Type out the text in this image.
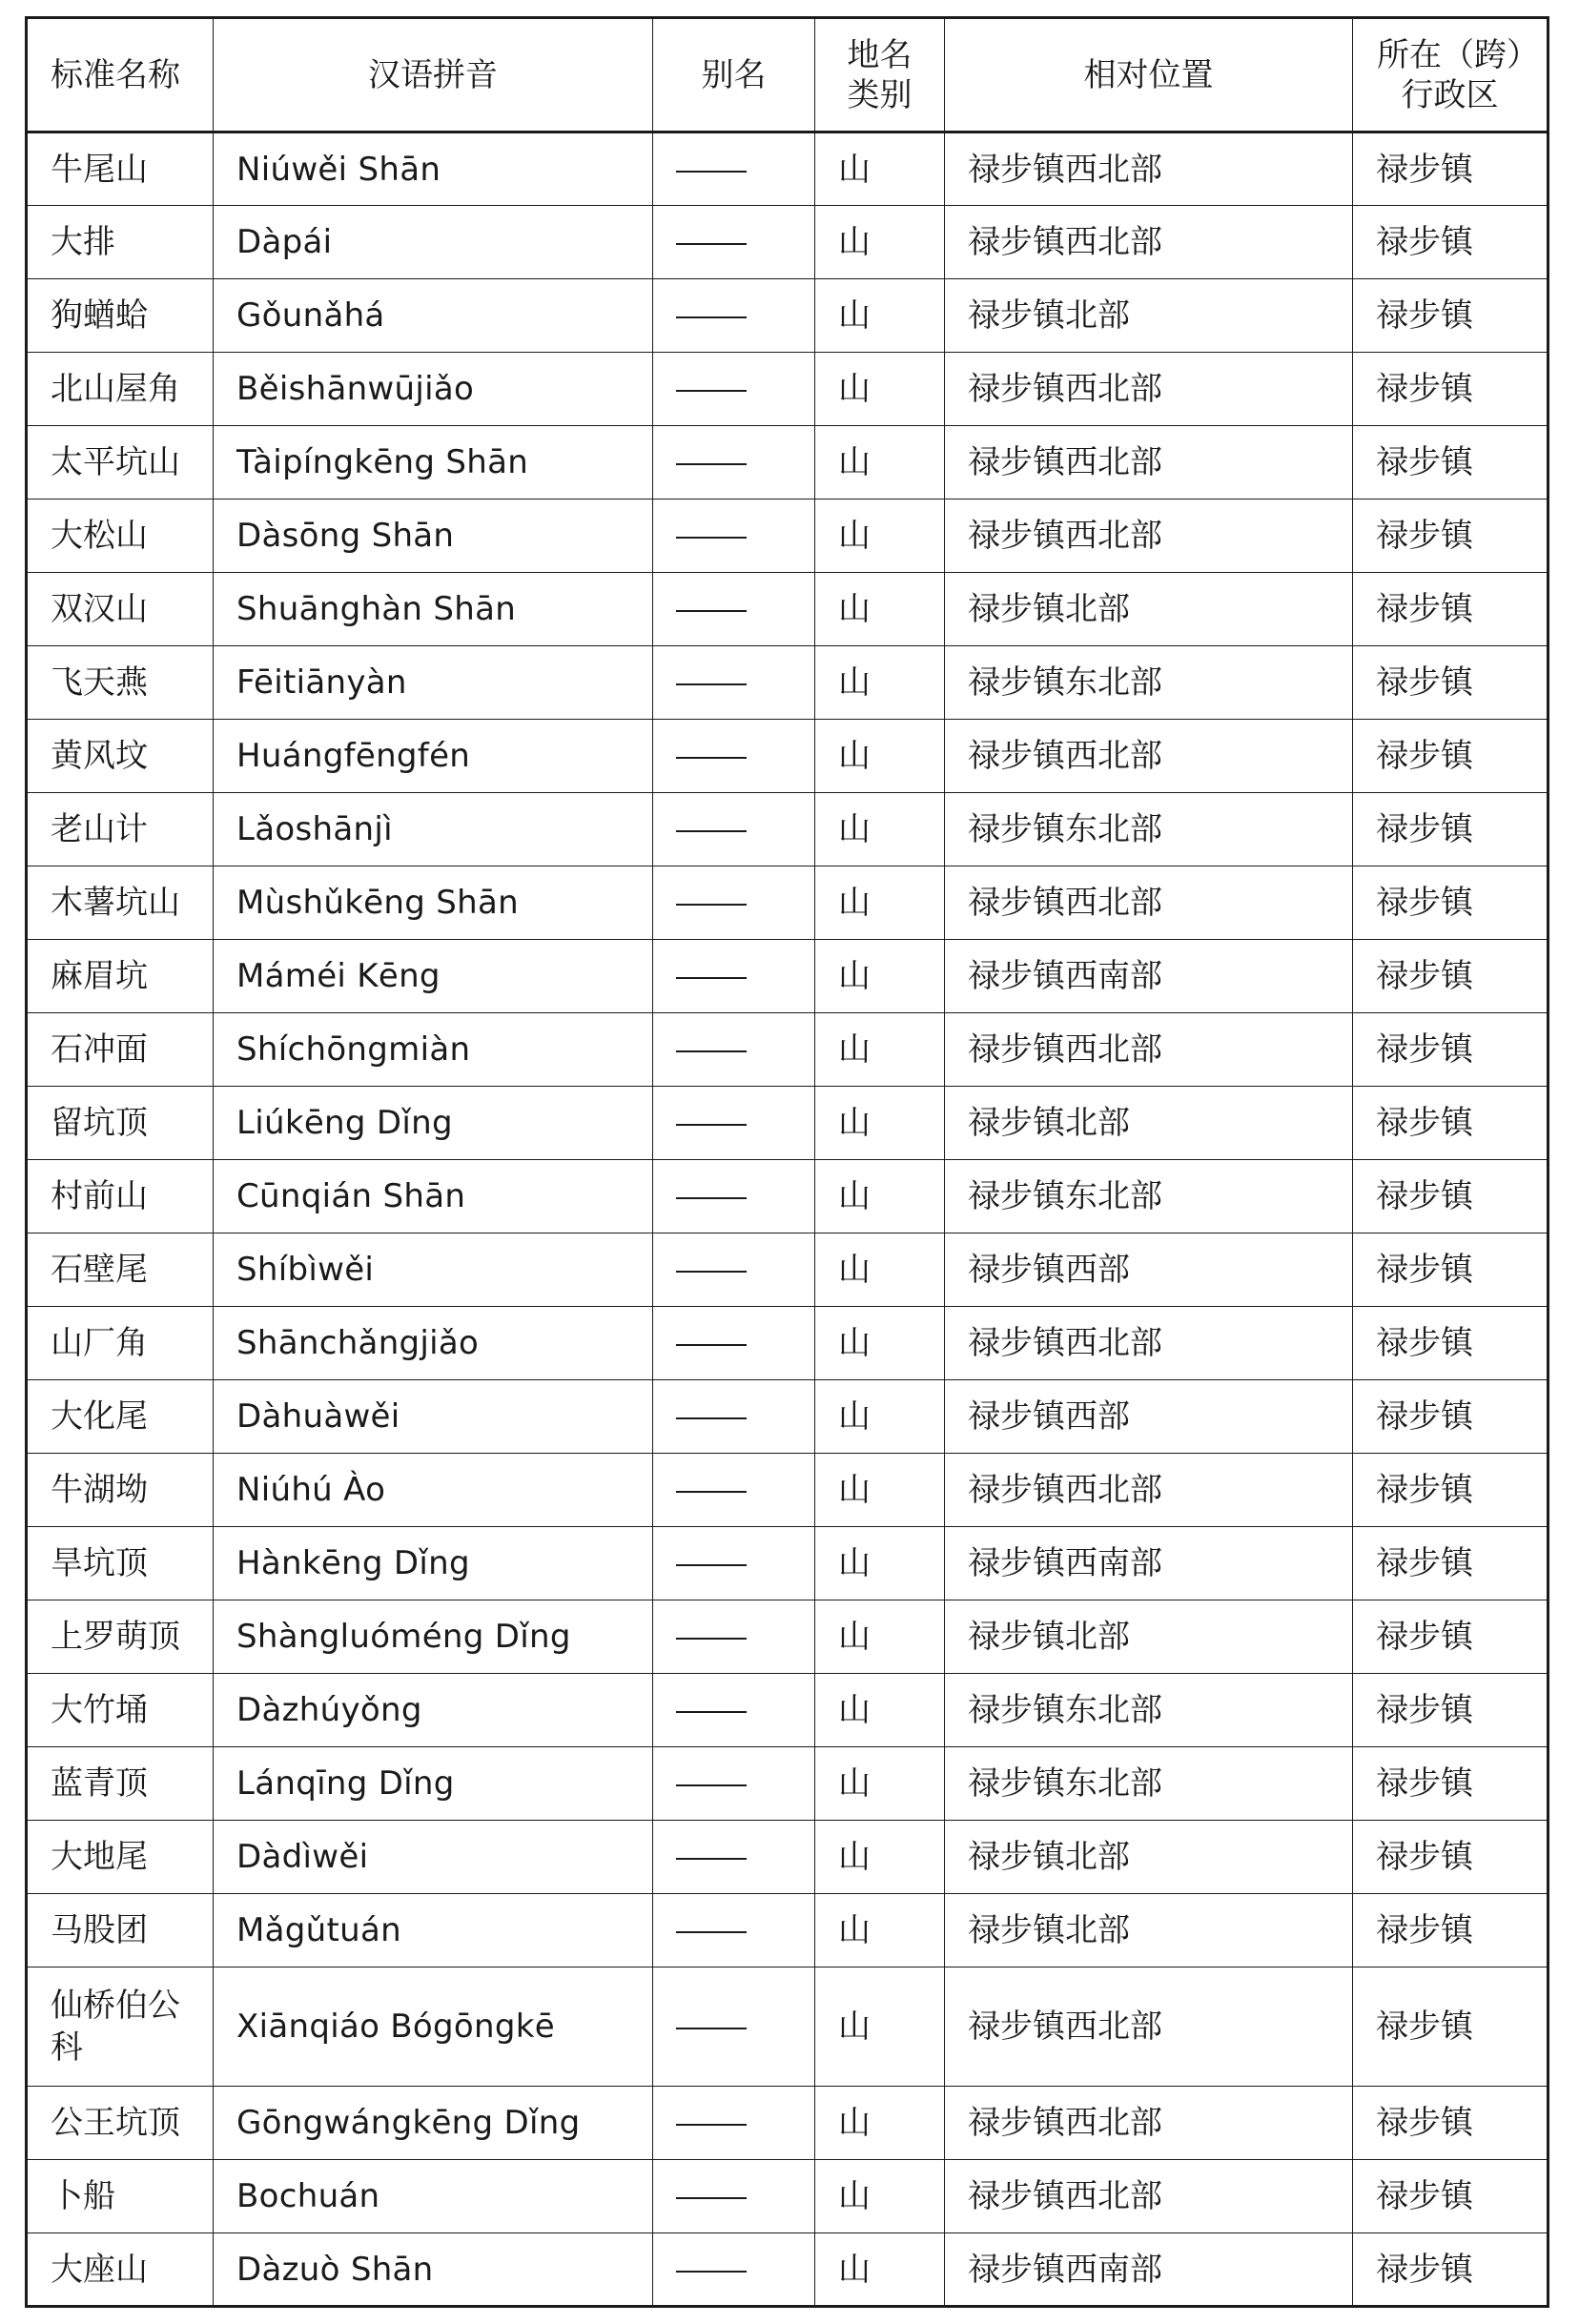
标准名称	汉语拼音	别名	地名类别	相对位置	所在（跨）行政区
牛尾山	Niúwěi Shān		山	禄步镇西北部	禄步镇
大排	Dàpái		山	禄步镇西北部	禄步镇
狗蝤蛤	Gǒunǎhá		山	禄步镇北部	禄步镇
北山屋角	Běishānwūjiǎo		山	禄步镇西北部	禄步镇
太平坑山	Tàipíngkēng Shān		山	禄步镇西北部	禄步镇
大松山	Dàsōng Shān		山	禄步镇西北部	禄步镇
双汉山	Shuānghàn Shān		山	禄步镇北部	禄步镇
飞天燕	Fēitiānyàn		山	禄步镇东北部	禄步镇
黄风坟	Huángfēngfén		山	禄步镇西北部	禄步镇
老山计	Lǎoshānjì		山	禄步镇东北部	禄步镇
木薯坑山	Mùshǔkēng Shān		山	禄步镇西北部	禄步镇
麻眉坑	Máméi Kēng		山	禄步镇西南部	禄步镇
石冲面	Shíchōngmiàn		山	禄步镇西北部	禄步镇
留坑顶	Liúkēng Dǐng		山	禄步镇北部	禄步镇
村前山	Cūnqián Shān		山	禄步镇东北部	禄步镇
石壁尾	Shíbìwěi		山	禄步镇西部	禄步镇
山厂角	Shānchǎngjiǎo		山	禄步镇西北部	禄步镇
大化尾	Dàhuàwěi		山	禄步镇西部	禄步镇
牛湖坳	Niúhú Ào		山	禄步镇西北部	禄步镇
旱坑顶	Hànkēng Dǐng		山	禄步镇西南部	禄步镇
上罗萌顶	Shàngluóméng Dǐng		山	禄步镇北部	禄步镇
大竹埇	Dàzhúyǒng		山	禄步镇东北部	禄步镇
蓝青顶	Lánqīng Dǐng		山	禄步镇东北部	禄步镇
大地尾	Dàdìwěi		山	禄步镇北部	禄步镇
马股团	Mǎgǔtuán		山	禄步镇北部	禄步镇
仙桥伯公科	Xiānqiáo Bógōngkē		山	禄步镇西北部	禄步镇
公王坑顶	Gōngwángkēng Dǐng		山	禄步镇西北部	禄步镇
卜船	Bochuán		山	禄步镇西北部	禄步镇
大座山	Dàzuò Shān		山	禄步镇西南部	禄步镇
